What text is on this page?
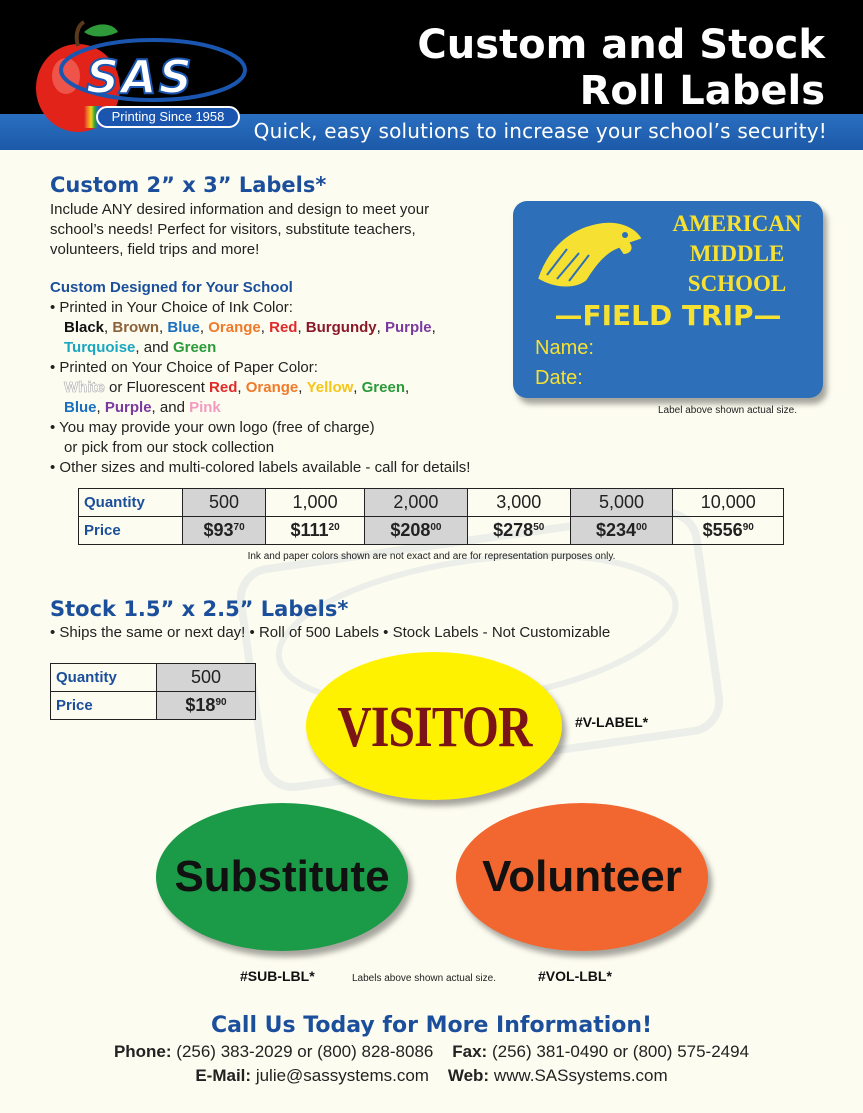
SAS
Printing Since 1958
Custom and Stock
Roll Labels
Quick, easy solutions to increase your school’s security!
Custom 2” x 3” Labels*
Include ANY desired information and design to meet your
school’s needs! Perfect for visitors, substitute teachers,
volunteers, field trips and more!
Custom Designed for Your School
• Printed in Your Choice of Ink Color:
Black, Brown, Blue, Orange, Red, Burgundy, Purple,
Turquoise, and Green
• Printed on Your Choice of Paper Color:
White or Fluorescent Red, Orange, Yellow, Green,
Blue, Purple, and Pink
• You may provide your own logo (free of charge)
or pick from our stock collection
• Other sizes and multi-colored labels available - call for details!
AMERICAN
MIDDLE
SCHOOL
—FIELD TRIP—
Name:
Date:
Label above shown actual size.
Quantity	500	1,000	2,000	3,000	5,000	10,000
Price	$\$93^{70}$	$\$111^{20}$	$\$208^{00}$	$\$278^{50}$	$\$234^{00}$	$\$556^{90}$
Ink and paper colors shown are not exact and are for representation purposes only.
Stock 1.5” x 2.5” Labels*
• Ships the same or next day! • Roll of 500 Labels • Stock Labels - Not Customizable
Quantity	500
Price	$\$18^{90}$ VISITOR	#V-LABEL*
Substitute Volunteer
#SUB-LBL*	Labels above shown actual size.	#VOL-LBL*
Call Us Today for More Information!
Phone: (256) 383-2029 or (800) 828-8086 Fax: (256) 381-0490 or (800) 575-2494
E-Mail: julie@sassystems.com Web: www.SASsystems.com
